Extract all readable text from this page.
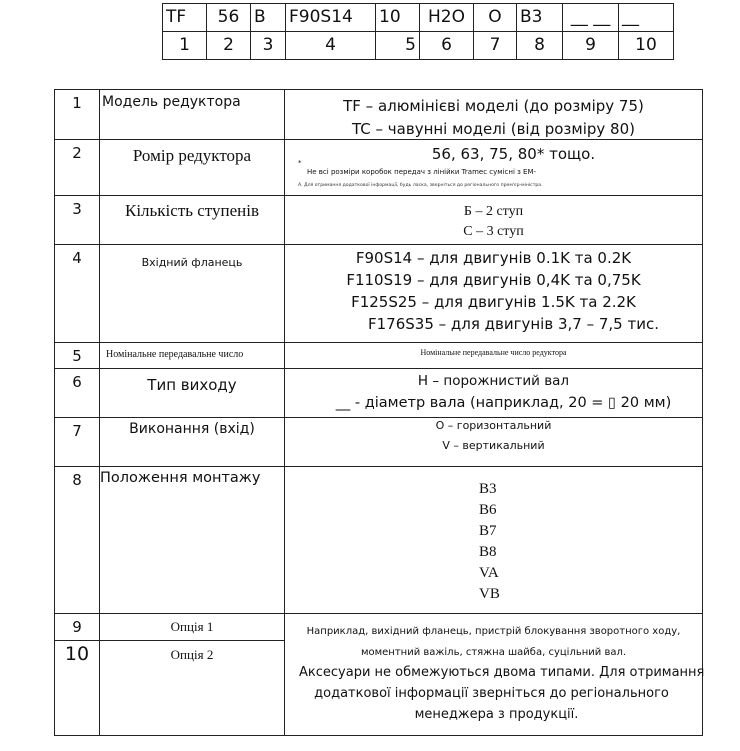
TF	56	B	F90S14	10	H2O	O	B3	__ __	__
1	2	3	4	5	6	7	8	9	10
1	Модель редуктора	TF – алюмінієві моделі (до розміру 75)
TC – чавунні моделі (від розміру 80)

2	Ромір редуктора	56, 63, 75, 80* тощо.
*
Не всі розміри коробок передач з лінійки Tramec сумісні з EM-
A. Для отримання додаткової інформації, будь ласка, зверніться до регіонального прем'єр-міністра.

3	Кількість ступенів	Б – 2 ступ
С – 3 ступ

4	Вхідний фланець	F90S14 – для двигунів 0.1K та 0.2K
F110S19 – для двигунів 0,4K та 0,75K
F125S25 – для двигунів 1.5K та 2.2K
F176S35 – для двигунів 3,7 – 7,5 тис.

5	Номінальне передавальне число	Номінальне передавальне число редуктора

6	Тип виходу	H – порожнистий вал
__ - діаметр вала (наприклад, 20 = ▯ 20 мм)

7	Виконання (вхід)	O – горизонтальний
V – вертикальний

8	Положення монтажу

B3
B6
B7
B8
VA
VB

9	Опція 1	Наприклад, вихідний фланець, пристрій блокування зворотного ходу,
моментний важіль, стяжна шайба, суцільний вал.
Аксесуари не обмежуються двома типами. Для отримання
додаткової інформації зверніться до регіонального
менеджера з продукції.

10	Опція 2	
